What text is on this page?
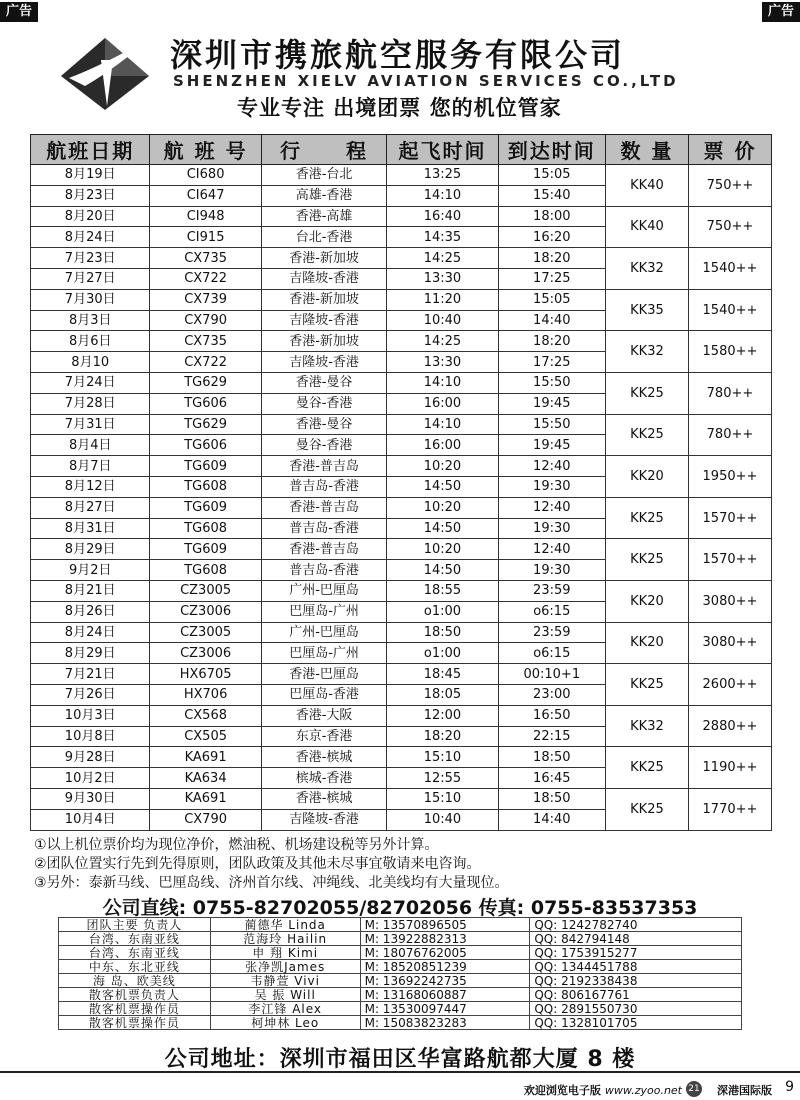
广告	广告
深圳市携旅航空服务有限公司
SHENZHEN XIELV AVIATION SERVICES CO.,LTD
专业专注 出境团票 您的机位管家
航班日期	航 班 号	行　　程	起飞时间	到达时间	数 量	票 价
8月19日	CI680	香港-台北	13:25	15:05	KK40	750++
8月23日	CI647	高雄-香港	14:10	15:40		
8月20日	CI948	香港-高雄	16:40	18:00	KK40	750++
8月24日	CI915	台北-香港	14:35	16:20		
7月23日	CX735	香港-新加坡	14:25	18:20	KK32	1540++
7月27日	CX722	吉隆坡-香港	13:30	17:25		
7月30日	CX739	香港-新加坡	11:20	15:05	KK35	1540++
8月3日	CX790	吉隆坡-香港	10:40	14:40		
8月6日	CX735	香港-新加坡	14:25	18:20	KK32	1580++
8月10	CX722	吉隆坡-香港	13:30	17:25		
7月24日	TG629	香港-曼谷	14:10	15:50	KK25	780++
7月28日	TG606	曼谷-香港	16:00	19:45		
7月31日	TG629	香港-曼谷	14:10	15:50	KK25	780++
8月4日	TG606	曼谷-香港	16:00	19:45		
8月7日	TG609	香港-普吉岛	10:20	12:40	KK20	1950++
8月12日	TG608	普吉岛-香港	14:50	19:30		
8月27日	TG609	香港-普吉岛	10:20	12:40	KK25	1570++
8月31日	TG608	普吉岛-香港	14:50	19:30		
8月29日	TG609	香港-普吉岛	10:20	12:40	KK25	1570++
9月2日	TG608	普吉岛-香港	14:50	19:30		
8月21日	CZ3005	广州-巴厘岛	18:55	23:59	KK20	3080++
8月26日	CZ3006	巴厘岛-广州	o1:00	o6:15		
8月24日	CZ3005	广州-巴厘岛	18:50	23:59	KK20	3080++
8月29日	CZ3006	巴厘岛-广州	o1:00	o6:15		
7月21日	HX6705	香港-巴厘岛	18:45	00:10+1	KK25	2600++
7月26日	HX706	巴厘岛-香港	18:05	23:00		
10月3日	CX568	香港-大阪	12:00	16:50	KK32	2880++
10月8日	CX505	东京-香港	18:20	22:15		
9月28日	KA691	香港-槟城	15:10	18:50	KK25	1190++
10月2日	KA634	槟城-香港	12:55	16:45		
9月30日	KA691	香港-槟城	15:10	18:50	KK25	1770++
10月4日	CX790	吉隆坡-香港	10:40	14:40		
①以上机位票价均为现位净价，燃油税、机场建设税等另外计算。
②团队位置实行先到先得原则，团队政策及其他未尽事宜敬请来电咨询。
③另外：泰新马线、巴厘岛线、济州首尔线、冲绳线、北美线均有大量现位。
公司直线: 0755-82702055/82702056 传真: 0755-83537353
团队主要 负责人	蔺德华 Linda	M: 13570896505	QQ: 1242782740
台湾、东南亚线	范海玲 Hailin	M: 13922882313	QQ: 842794148
台湾、东南亚线	申 翔 Kimi	M: 18076762005	QQ: 1753915277
中东、东北亚线	张净凯James	M: 18520851239	QQ: 1344451788
海 岛、欧美线	韦静萱 Vivi	M: 13692242735	QQ: 2192338438
散客机票负责人	吴 振 Will	M: 13168060887	QQ: 806167761
散客机票操作员	李江锋 Alex	M: 13530097447	QQ: 2891550730
散客机票操作员	柯坤林 Leo	M: 15083823283	QQ: 1328101705
公司地址：深圳市福田区华富路航都大厦 8 楼
欢迎浏览电子版 www.zyoo.net 21 深港国际版 9
